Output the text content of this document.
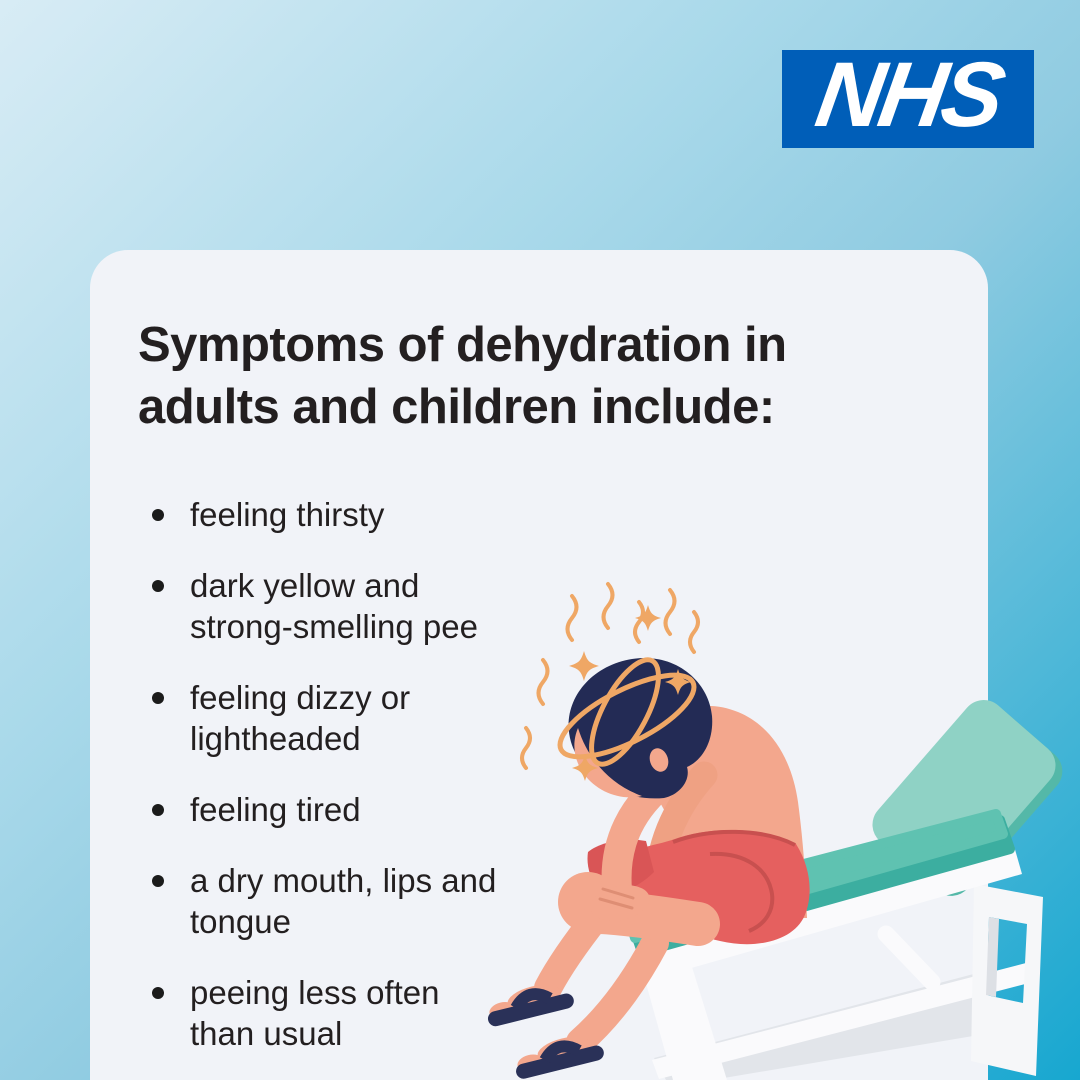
NHS
Symptoms of dehydration in
adults and children include:
feeling thirsty
dark yellow and
strong-smelling pee
feeling dizzy or
lightheaded
feeling tired
a dry mouth, lips and
tongue
peeing less often
than usual
